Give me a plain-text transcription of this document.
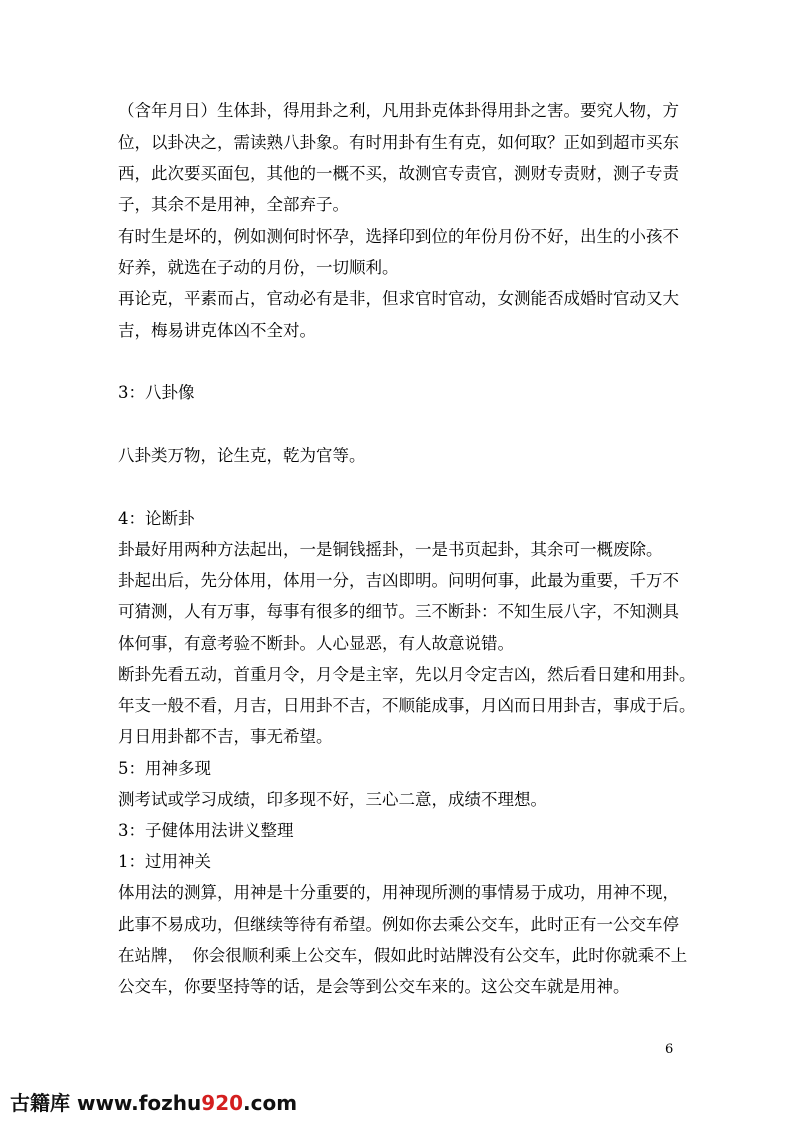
（含年月日）生体卦，得用卦之利，凡用卦克体卦得用卦之害。要究人物，方

位，以卦决之，需读熟八卦象。有时用卦有生有克，如何取？正如到超市买东

西，此次要买面包，其他的一概不买，故测官专责官，测财专责财，测子专责

子，其余不是用神，全部弃子。

有时生是坏的，例如测何时怀孕，选择印到位的年份月份不好，出生的小孩不

好养，就选在子动的月份，一切顺利。

再论克，平素而占，官动必有是非，但求官时官动，女测能否成婚时官动又大

吉，梅易讲克体凶不全对。

3：八卦像

八卦类万物，论生克，乾为官等。

4：论断卦

卦最好用两种方法起出，一是铜钱摇卦，一是书页起卦，其余可一概废除。

卦起出后，先分体用，体用一分，吉凶即明。问明何事，此最为重要，千万不

可猜测，人有万事，每事有很多的细节。三不断卦：不知生辰八字，不知测具

体何事，有意考验不断卦。人心显恶，有人故意说错。

断卦先看五动，首重月令，月令是主宰，先以月令定吉凶，然后看日建和用卦。

年支一般不看，月吉，日用卦不吉，不顺能成事，月凶而日用卦吉，事成于后。

月日用卦都不吉，事无希望。

5：用神多现

测考试或学习成绩，印多现不好，三心二意，成绩不理想。

3：子健体用法讲义整理

1：过用神关

体用法的测算，用神是十分重要的，用神现所测的事情易于成功，用神不现，

此事不易成功，但继续等待有希望。例如你去乘公交车，此时正有一公交车停

在站牌，　你会很顺利乘上公交车，假如此时站牌没有公交车，此时你就乘不上

公交车，你要坚持等的话，是会等到公交车来的。这公交车就是用神。

6

古籍库 www.fozhu920.com
